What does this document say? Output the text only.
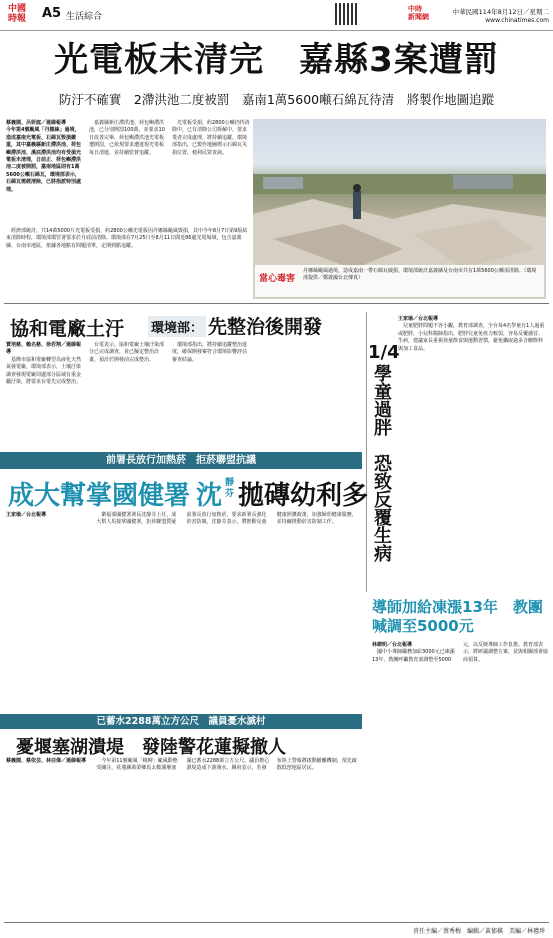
中國
時報	A5 生活綜合
中時
新聞網
中華民國114年8月12日／星期二
www.chinatimes.com
光電板未清完　嘉縣3案遭罰
防汙不確實　2滯洪池二度被罰　嘉南1萬5600噸石綿瓦待清　將製作地圖追蹤
蔡義園、呂妍庭／連線報導
今年第4號颱風「丹娜絲」過境，造成嘉南光電板、石綿瓦毀損嚴重，其中嘉義縣新庄滯洪池、荷包嶼滯洪池、溪底滯洪池均有受損光電板未清理，日前正、荷包嶼滯洪池二度被開罰，嘉南地區則有1萬5600公噸石綿瓦，環境部表示，石綿瓦需經清除，已將指派特別處理。

嘉義縣新庄滯洪池、荷包嶼滯洪池，已分別開罰100萬，並要求10日改善完畢，荷包嶼滯洪池光電板遭開罰，已依規要求遭違規光電板每日清運，並持續監督追蹤。

光電板受損，約2800公噸仍待清除中，已有清除公司拆解中，要求業者完成處理，將持續追蹤。環境部指出，已製作地圖標示石綿瓦災損位置，便利民眾查詢。

經濟部統計，共14萬5000片光電板受損，約2800公噸光電板因丹娜絲颱風毀損，其中今年8月7日第9版結束清除時程，環境部環管署要求於月底前清除。環境部在7月25日至8月11日間近86處光電場域，包含嘉義縣、台南市地區，依據各地點有問題清單，定期到點追蹤。

當心毒害
丹娜絲颱風過境，造成嘉南一帶石綿瓦破損，環境部統計嘉義縣及台南市共有1萬5600公噸須清除。（環境部提供／鄭義國台北傳真）
協和電廠土汙 環境部： 先整治後開發
賈培慈、賴名慈、徐若翔／連線報導

基隆市協和電廠轉型為液化天然氣發電廠，環境部表示，土壤汙染調查發現電廠周邊部分區域有重金屬汙染，將要求台電先完成整治。

台電表示，協和電廠土壤汙染部分已完成調查，並已擬定整治計畫，預計於開發前完成整治。

環境部指出，將持續追蹤整治進度，確保開發案符合環境影響評估審查結論。	1/4
學童過胖　恐致反覆生病
王家瑜／台北報導

兒童肥胖問題不容小覷，教育部調查，全台每4名學童有1人過重或肥胖，小兒科醫師指出，肥胖兒童免疫力較弱，容易反覆感冒、生病，建議家長重視孩童飲食與運動習慣，避免攝取過多含糖飲料與加工食品。

前署長放行加熱菸　拒菸聯盟抗議
成大幫掌國健署 沈 靜芬 拋磚幼利多
王家瑜／台北報導	衛福部國健署署長沈靜芬上任，成大幫人馬接掌國健署，拒菸聯盟質疑前署長放行加熱菸，要求新署長強化菸害防制。沈靜芬表示，將推動兒童健康照護政策，加強婦幼健康服務，並持續推動菸害防制工作。

導師加給凍漲13年　教團喊調至5000元
林縉明／台北報導

國中小導師職務加給3000元已凍漲13年，教團呼籲教育部調整至5000元，以反映導師工作負擔。教育部表示，將研議調整方案，並與相關部會協商預算。

已蓄水2288萬立方公尺　議員憂水滅村
憂堰塞湖潰堤　發陸警花蓮擬撤人
蔡義園、蔡依芸、林亞偉／連線報導	今年第11號颱風「楊柳」颱風動態受關注，花蓮縣萬榮鄉馬太鞍溪堰塞湖已蓄水2288萬立方公尺，議員擔心潰堤造成下游淹水，縣府表示，若發布陸上警報將啟動撤離機制，預先疏散低窪地區居民。

責任主編／蔡秀梅　編輯／黃郁棋　美編／林禮珍
